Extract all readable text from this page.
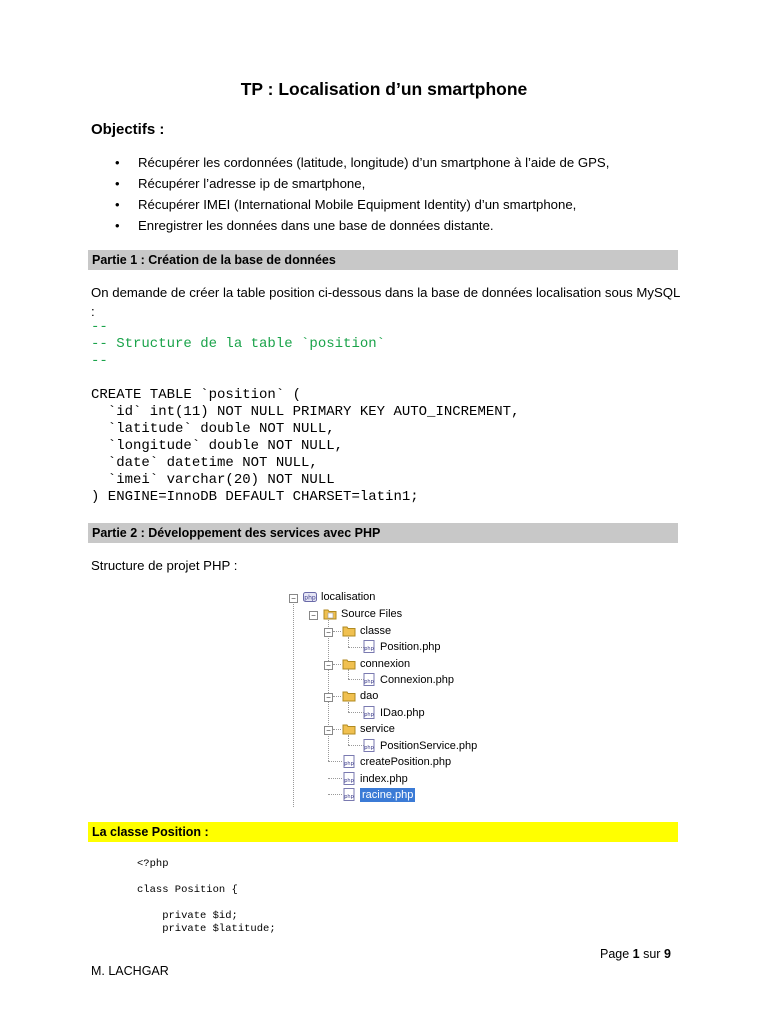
TP : Localisation d’un smartphone
Objectifs :
• Récupérer les cordonnées (latitude, longitude) d’un smartphone à l’aide de GPS,
• Récupérer l’adresse ip de smartphone,
• Récupérer IMEI (International Mobile Equipment Identity) d’un smartphone,
• Enregistrer les données dans une base de données distante.
Partie 1 : Création de la base de données
On demande de créer la table position ci-dessous dans la base de données localisation sous MySQL :
--
-- Structure de la table `position`
--
CREATE TABLE `position` (
`id` int(11) NOT NULL PRIMARY KEY AUTO_INCREMENT,
`latitude` double NOT NULL,
`longitude` double NOT NULL,
`date` datetime NOT NULL,
`imei` varchar(20) NOT NULL
) ENGINE=InnoDB DEFAULT CHARSET=latin1;
Partie 2 : Développement des services avec PHP
Structure de projet PHP :
−	php localisation
− Source Files
−	classe
php Position.php
−	connexion
php Connexion.php
−	dao
php IDao.php
−	service
php PositionService.php
php createPosition.php
php index.php
php racine.php
La classe Position :
<?php

class Position {

private $id;
private $latitude;
Page 1 sur 9
M. LACHGAR
